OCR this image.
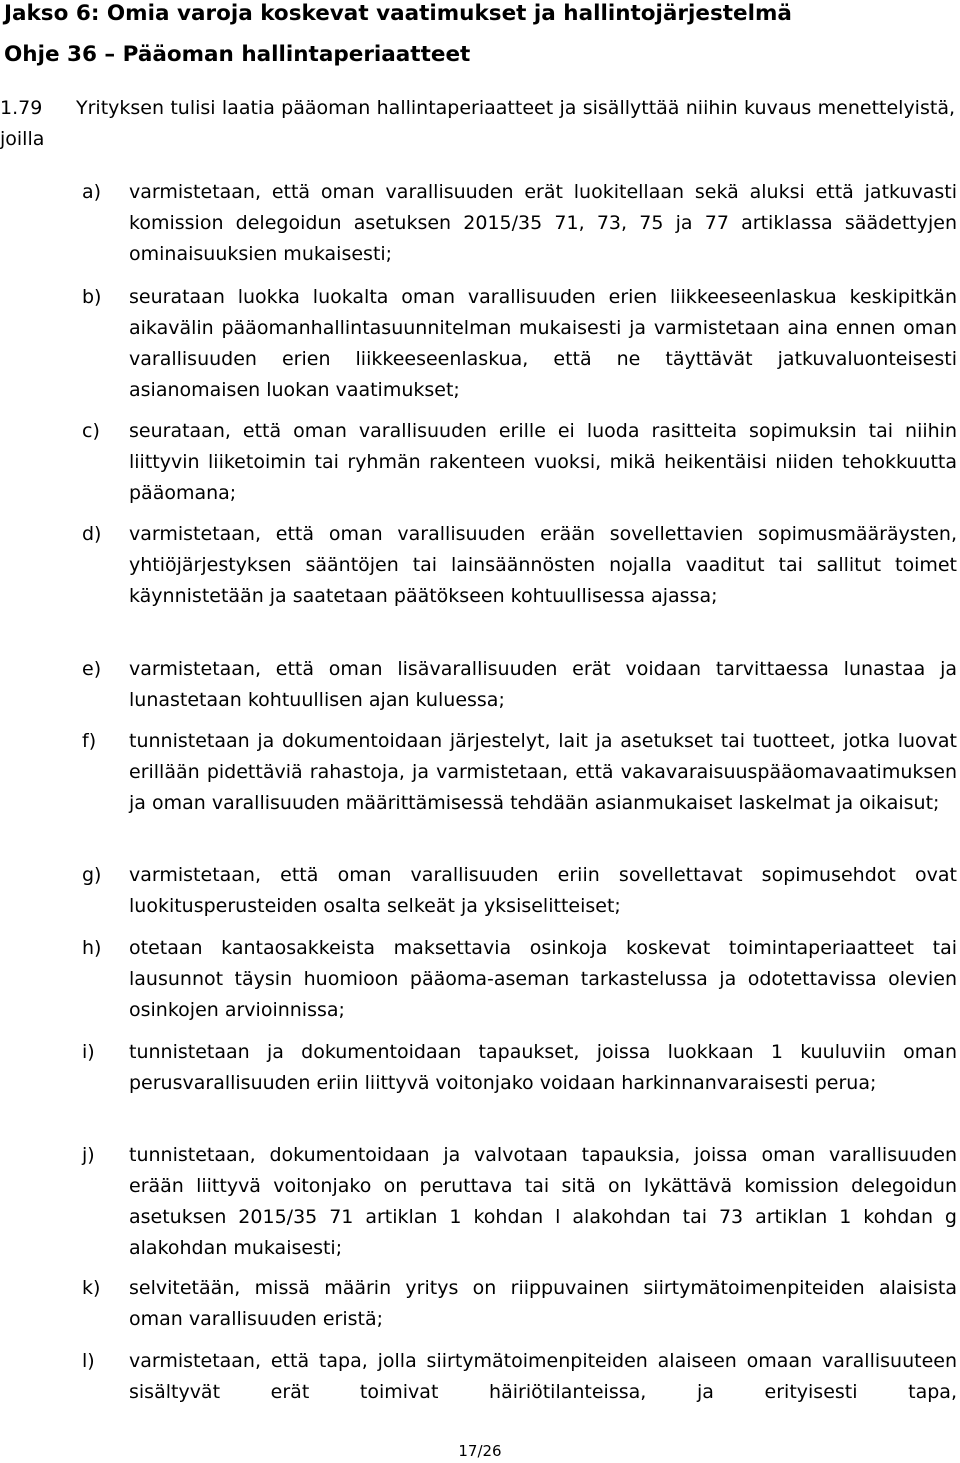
Jakso 6: Omia varoja koskevat vaatimukset ja hallintojärjestelmä
Ohje 36 – Pääoman hallintaperiaatteet

1.79 Yrityksen tulisi laatia pääoman hallintaperiaatteet ja sisällyttää niihin kuvaus menettelyistä, joilla

a) varmistetaan, että oman varallisuuden erät luokitellaan sekä aluksi että jatkuvasti komission delegoidun asetuksen 2015/35 71, 73, 75 ja 77 artiklassa säädettyjen ominaisuuksien mukaisesti;

b) seurataan luokka luokalta oman varallisuuden erien liikkeeseenlaskua keskipitkän aikavälin pääomanhallintasuunnitelman mukaisesti ja varmistetaan aina ennen oman varallisuuden erien liikkeeseenlaskua, että ne täyttävät jatkuvaluonteisesti asianomaisen luokan vaatimukset;

c) seurataan, että oman varallisuuden erille ei luoda rasitteita sopimuksin tai niihin liittyvin liiketoimin tai ryhmän rakenteen vuoksi, mikä heikentäisi niiden tehokkuutta pääomana;

d) varmistetaan, että oman varallisuuden erään sovellettavien sopimusmääräysten, yhtiöjärjestyksen sääntöjen tai lainsäännösten nojalla vaaditut tai sallitut toimet käynnistetään ja saatetaan päätökseen kohtuullisessa ajassa;

e) varmistetaan, että oman lisävarallisuuden erät voidaan tarvittaessa lunastaa ja lunastetaan kohtuullisen ajan kuluessa;

f) tunnistetaan ja dokumentoidaan järjestelyt, lait ja asetukset tai tuotteet, jotka luovat erillään pidettäviä rahastoja, ja varmistetaan, että vakavaraisuuspääomavaatimuksen ja oman varallisuuden määrittämisessä tehdään asianmukaiset laskelmat ja oikaisut;

g) varmistetaan, että oman varallisuuden eriin sovellettavat sopimusehdot ovat luokitusperusteiden osalta selkeät ja yksiselitteiset;

h) otetaan kantaosakkeista maksettavia osinkoja koskevat toimintaperiaatteet tai lausunnot täysin huomioon pääoma-aseman tarkastelussa ja odotettavissa olevien osinkojen arvioinnissa;

i) tunnistetaan ja dokumentoidaan tapaukset, joissa luokkaan 1 kuuluviin oman perusvarallisuuden eriin liittyvä voitonjako voidaan harkinnanvaraisesti perua;

j) tunnistetaan, dokumentoidaan ja valvotaan tapauksia, joissa oman varallisuuden erään liittyvä voitonjako on peruttava tai sitä on lykättävä komission delegoidun asetuksen 2015/35 71 artiklan 1 kohdan l alakohdan tai 73 artiklan 1 kohdan g alakohdan mukaisesti;

k) selvitetään, missä määrin yritys on riippuvainen siirtymätoimenpiteiden alaisista oman varallisuuden eristä;

l) varmistetaan, että tapa, jolla siirtymätoimenpiteiden alaiseen omaan varallisuuteen sisältyvät erät toimivat häiriötilanteissa, ja erityisesti tapa,

17/26
